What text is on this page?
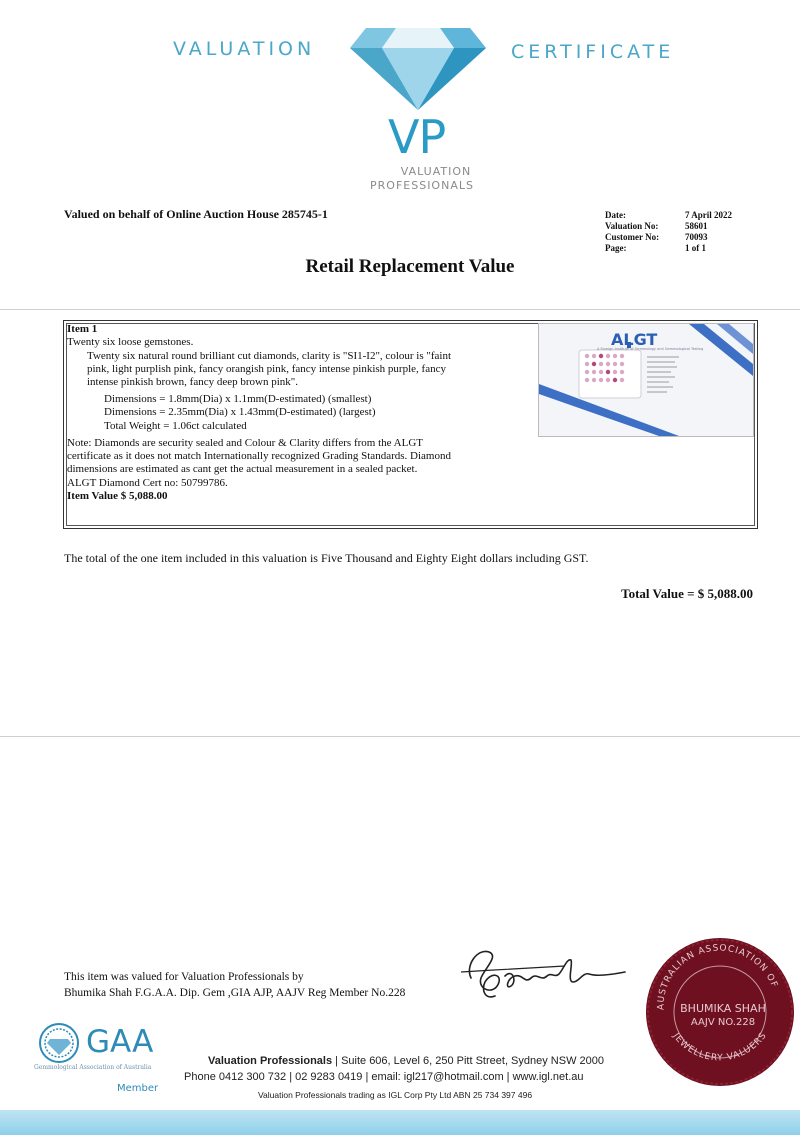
VALUATION	CERTIFICATE
VP
VALUATION
PROFESSIONALS
Valued on behalf of Online Auction House 285745-1	Date:	7 April 2022
Valuation No:	58601
Customer No:	70093
Page:	1 of 1
Retail Replacement Value
Item 1
Twenty six loose gemstones.
Twenty six natural round brilliant cut diamonds, clarity is "SI1-I2", colour is "faint
pink, light purplish pink, fancy orangish pink, fancy intense pinkish purple, fancy
intense pinkish brown, fancy deep brown pink".
Dimensions = 1.8mm(Dia) x 1.1mm(D-estimated) (smallest)
Dimensions = 2.35mm(Dia) x 1.43mm(D-estimated) (largest)
Total Weight = 1.06ct calculated
Note: Diamonds are security sealed and Colour & Clarity differs from the ALGT
certificate as it does not match Internationally recognized Grading Standards. Diamond
dimensions are estimated as cant get the actual measurement in a sealed packet.
ALGT Diamond Cert no: 50799786.
Item Value $ 5,088.00
ALGT
A Foreign Institute of Gemmology and Gemmological Testing
The total of the one item included in this valuation is Five Thousand and Eighty Eight dollars including GST.
Total Value = $ 5,088.00
This item was valued for Valuation Professionals by
Bhumika Shah F.G.A.A. Dip. Gem ,GIA AJP, AAJV Reg Member No.228
AUSTRALIAN ASSOCIATION OF
JEWELLERY VALUERS
BHUMIKA SHAH
AAJV NO.228
GAA
Gemmological Association of Australia
Member
Valuation Professionals | Suite 606, Level 6, 250 Pitt Street, Sydney NSW 2000
Phone 0412 300 732 | 02 9283 0419 | email: igl217@hotmail.com | www.igl.net.au
Valuation Professionals trading as IGL Corp Pty Ltd ABN 25 734 397 496
